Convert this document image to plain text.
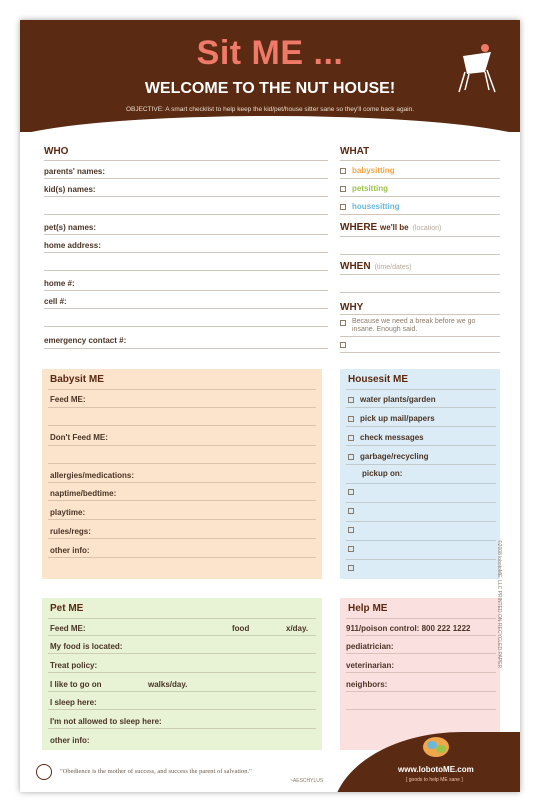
Sit ME ...
WELCOME TO THE NUT HOUSE!
OBJECTIVE: A smart checklist to help keep the kid/pet/house sitter sane so they'll come back again.
WHO
parents' names:
kid(s) names:
pet(s) names:
home address:
home #:
cell #:
emergency contact #:
WHAT
babysitting
petsitting
housesitting
WHERE we'll be (location)
WHEN (time/dates)
WHY
Because we need a break before we go insane. Enough said.
Babysit ME
Feed ME:
Don't Feed ME:
allergies/medications:
naptime/bedtime:
playtime:
rules/regs:
other info:
Housesit ME
water plants/garden
pick up mail/papers
check messages
garbage/recycling
pickup on:
Pet ME
Feed ME:	food	x/day.
My food is located:
Treat policy:
I like to go on	walks/day.
I sleep here:
I'm not allowed to sleep here:
other info:
Help ME
911/poison control: 800 222 1222
pediatrician:
veterinarian:
neighbors:
"Obedience is the mother of success, and success the parent of salvation."
~AESCHYLUS
www.lobotoME.com
[ goods to help ME sane ]
©2008 lobotoME, LLC PRINTED ON RECYCLED PAPER
